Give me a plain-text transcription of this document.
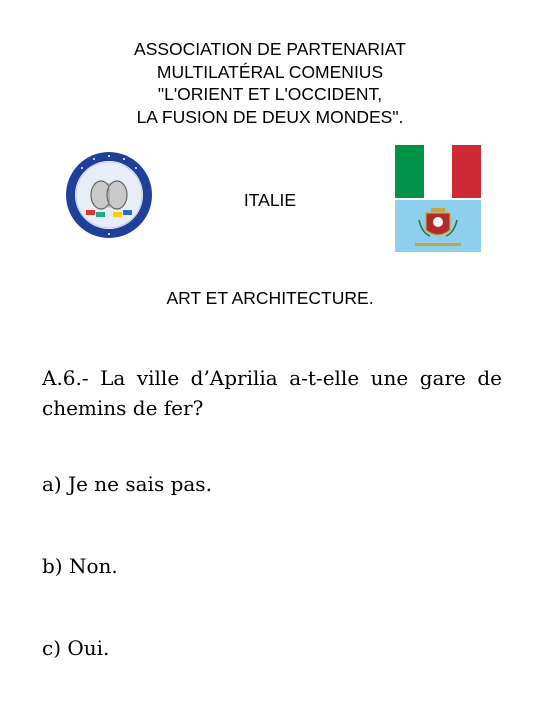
ASSOCIATION DE PARTENARIAT
MULTILATÉRAL COMENIUS
"L'ORIENT ET L'OCCIDENT,
LA FUSION DE DEUX MONDES".
ITALIE
ART ET ARCHITECTURE.
A.6.- La ville d’Aprilia a-t-elle une gare de chemins de fer?
a) Je ne sais pas.
b) Non.
c) Oui.
